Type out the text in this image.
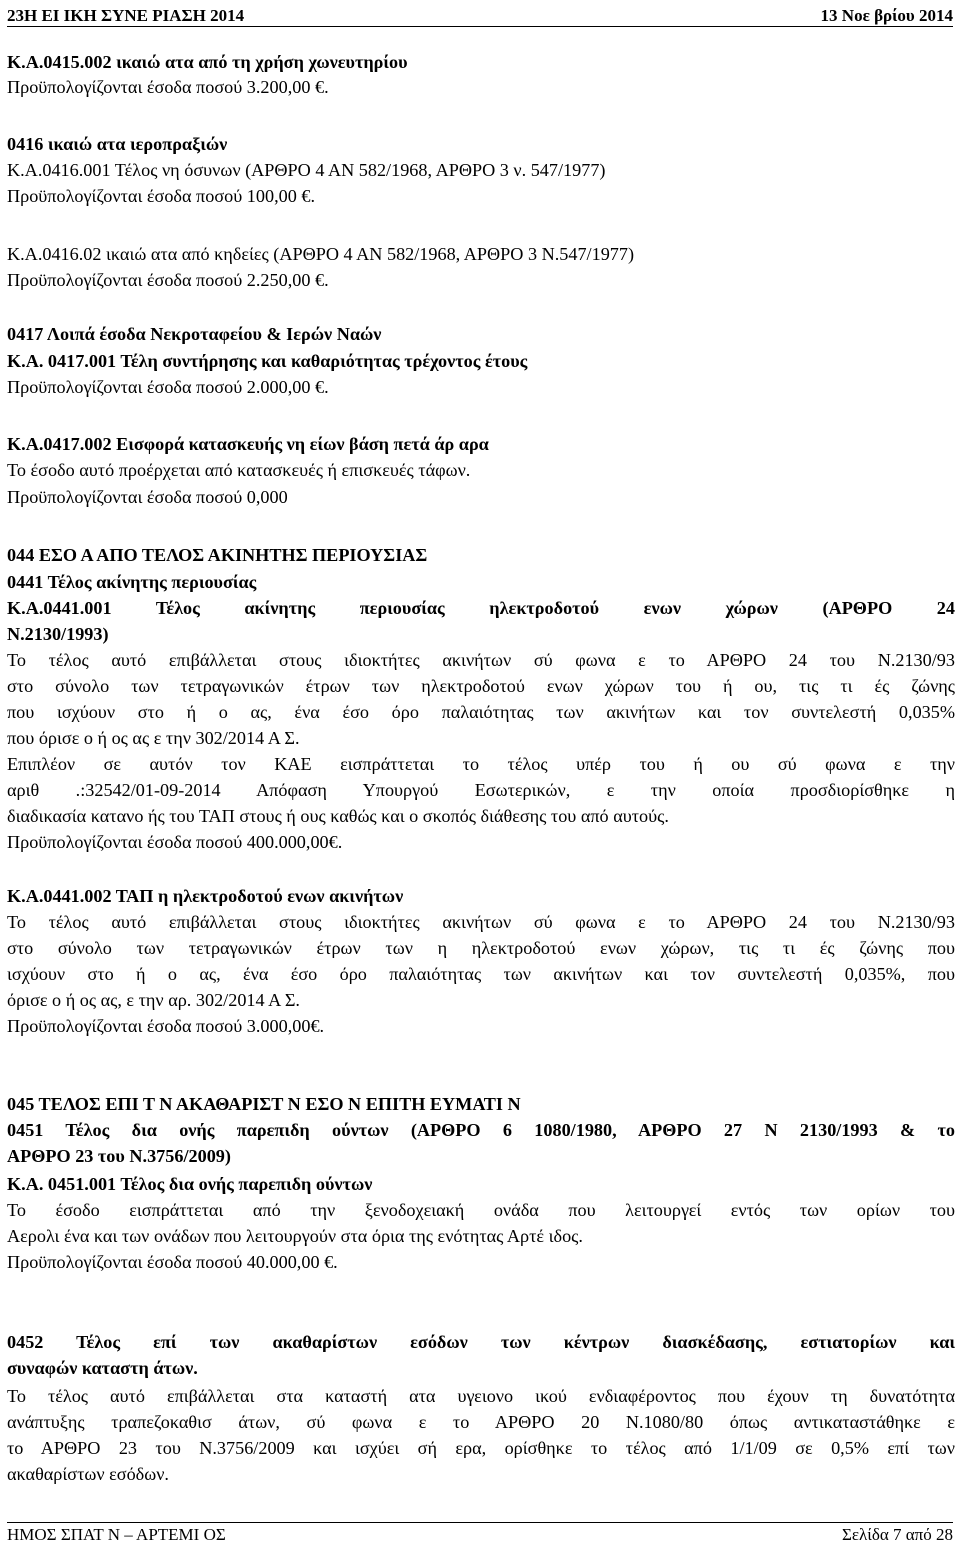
23Η ΕΙ ΙΚΗ ΣΥΝΕ ΡΙΑΣΗ 2014	13 Νοε βρίου 2014
Κ.Α.0415.002 ικαιώ ατα από τη χρήση χωνευτηρίου
Προϋπολογίζονται έσοδα ποσού 3.200,00 €.
0416 ικαιώ ατα ιεροπραξιών
Κ.Α.0416.001 Τέλος νη όσυνων (ΑΡΘΡΟ 4 ΑΝ 582/1968, ΑΡΘΡΟ 3 ν. 547/1977)
Προϋπολογίζονται έσοδα ποσού 100,00 €.
Κ.Α.0416.02 ικαιώ ατα από κηδείες (ΑΡΘΡΟ 4 ΑΝ 582/1968, ΑΡΘΡΟ 3 Ν.547/1977)
Προϋπολογίζονται έσοδα ποσού 2.250,00 €.
0417 Λοιπά έσοδα Νεκροταφείου & Ιερών Ναών
Κ.Α. 0417.001 Τέλη συντήρησης και καθαριότητας τρέχοντος έτους
Προϋπολογίζονται έσοδα ποσού 2.000,00 €.
Κ.Α.0417.002 Εισφορά κατασκευής νη είων βάση πετά άρ αρα
Το έσοδο αυτό προέρχεται από κατασκευές ή επισκευές τάφων.
Προϋπολογίζονται έσοδα ποσού 0,000
044 ΕΣΟ Α ΑΠΟ ΤΕΛΟΣ ΑΚΙΝΗΤΗΣ ΠΕΡΙΟΥΣΙΑΣ
0441 Τέλος ακίνητης περιουσίας
Κ.Α.0441.001 Τέλος ακίνητης περιουσίας ηλεκτροδοτού ενων χώρων (ΑΡΘΡΟ 24
Ν.2130/1993)
Το τέλος αυτό επιβάλλεται στους ιδιοκτήτες ακινήτων σύ φωνα ε το ΑΡΘΡΟ 24 του Ν.2130/93
στο σύνολο των τετραγωνικών έτρων των ηλεκτροδοτού ενων χώρων του ή ου, τις τι ές ζώνης
που ισχύουν στο ή ο ας, ένα έσο όρο παλαιότητας των ακινήτων και τον συντελεστή 0,035%
που όρισε ο ή ος ας ε την 302/2014 Α Σ.
Επιπλέον σε αυτόν τον ΚΑΕ εισπράττεται το τέλος υπέρ του ή ου σύ φωνα ε την
αριθ .:32542/01-09-2014 Απόφαση Υπουργού Εσωτερικών, ε την οποία προσδιορίσθηκε η
διαδικασία κατανο ής του ΤΑΠ στους ή ους καθώς και ο σκοπός διάθεσης του από αυτούς.
Προϋπολογίζονται έσοδα ποσού 400.000,00€.
Κ.Α.0441.002 ΤΑΠ η ηλεκτροδοτού ενων ακινήτων
Το τέλος αυτό επιβάλλεται στους ιδιοκτήτες ακινήτων σύ φωνα ε το ΑΡΘΡΟ 24 του Ν.2130/93
στο σύνολο των τετραγωνικών έτρων των η ηλεκτροδοτού ενων χώρων, τις τι ές ζώνης που
ισχύουν στο ή ο ας, ένα έσο όρο παλαιότητας των ακινήτων και τον συντελεστή 0,035%, που
όρισε ο ή ος ας, ε την αρ. 302/2014 Α Σ.
Προϋπολογίζονται έσοδα ποσού 3.000,00€.
045 ΤΕΛΟΣ ΕΠΙ Τ Ν ΑΚΑΘΑΡΙΣΤ Ν ΕΣΟ Ν ΕΠΙΤΗ ΕΥΜΑΤΙ Ν
0451 Τέλος δια ονής παρεπιδη ούντων (ΑΡΘΡΟ 6 1080/1980, ΑΡΘΡΟ 27 Ν 2130/1993 & το
ΑΡΘΡΟ 23 του Ν.3756/2009)
Κ.Α. 0451.001 Τέλος δια ονής παρεπιδη ούντων
Το έσοδο εισπράττεται από την ξενοδοχειακή ονάδα που λειτουργεί εντός των ορίων του
Αερολι ένα και των ονάδων που λειτουργούν στα όρια της ενότητας Αρτέ ιδος.
Προϋπολογίζονται έσοδα ποσού 40.000,00 €.
0452 Τέλος επί των ακαθαρίστων εσόδων των κέντρων διασκέδασης, εστιατορίων και
συναφών καταστη άτων.
Το τέλος αυτό επιβάλλεται στα καταστή ατα υγειονο ικού ενδιαφέροντος που έχουν τη δυνατότητα
ανάπτυξης τραπεζοκαθισ άτων, σύ φωνα ε το ΑΡΘΡΟ 20 Ν.1080/80 όπως αντικαταστάθηκε ε
το ΑΡΘΡΟ 23 του Ν.3756/2009 και ισχύει σή ερα, ορίσθηκε το τέλος από 1/1/09 σε 0,5% επί των
ακαθαρίστων εσόδων.
ΗΜΟΣ ΣΠΑΤ Ν – ΑΡΤΕΜΙ ΟΣ	Σελίδα 7 από 28
